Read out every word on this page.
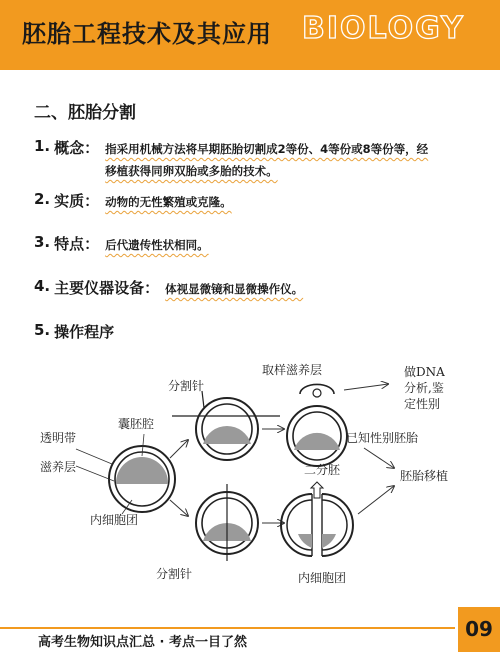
胚胎工程技术及其应用 BIOLOGY
二、胚胎分割
1. 概念： 指采用机械方法将早期胚胎切割成2等份、4等份或8等份等，经
移植获得同卵双胎或多胎的技术。
2. 实质： 动物的无性繁殖或克隆。
3. 特点： 后代遗传性状相同。
4. 主要仪器设备： 体视显微镜和显微操作仪。
5. 操作程序
透明带
滋养层
囊胚腔
内细胞团
分割针
分割针
取样滋养层	做DNA
分析,鉴
定性别
已知性别胚胎
胚胎移植
二分胚
内细胞团
高考生物知识点汇总 · 考点一目了然
09
